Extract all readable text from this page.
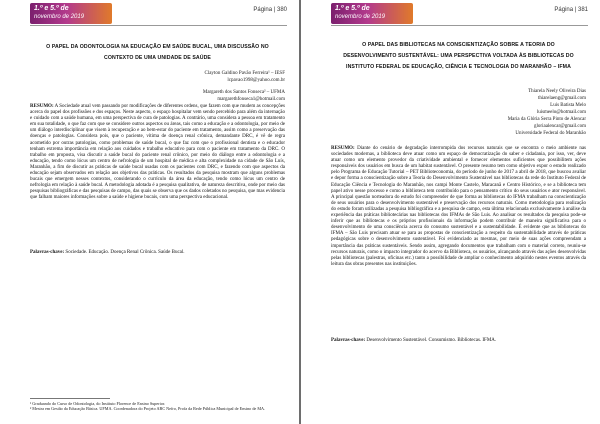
1.º e 5.º de
novembro de 2019
Página | 380
O PAPEL DA ODONTOLOGIA NA EDUCAÇÃO EM SAÚDE BUCAL, UMA DISCUSSÃO NO CONTEXTO DE UMA UNIDADE DE SAÚDE
Clayton Galdino Pavão Ferreira¹ – IESF
lcpavao1998@yahoo.com.br
Margareth dos Santos Fonseca² – UFMA
margarethfonseca1@hotmail.com
RESUMO: A Sociedade atual vem passando por modificações de diferentes ordens, que fazem com que mudem as concepções acerca do papel dos profissões e dos espaços. Neste aspecto, o espaço hospitalar vem sendo percebido para além da internação e cuidado com a saúde humana, em uma perspectiva de cura de patologias. A contrário, uma considera a pessoa em tratamento em sua totalidade, o que faz com que se considere outros aspectos ou áreas, tais como a educação e a odontologia, por meio de um diálogo interdisciplinar que visem à recuperação e ao bem-estar do paciente em tratamento, assim como a preservação das doenças e patologias. Considera pois, que o paciente, vítima de doença renal crônica, demandante DRC, é vê de regra acometido por outras patologias, como problemas de saúde bucal, o que faz com que o profissional dentista e o educador tenham extrema importância em relação aos cuidados e trabalho educativo para com o paciente em tratamento da DRC. O trabalho em proposta, visa discutir a saúde bucal do paciente renal crônico, por meio do diálogo entre a odontologia e a educação, tendo como lócus um centro de nefrologia de um hospital de médica e alta complexidade na cidade de São Luís, Maranhão, a fim de discutir as práticas de saúde bucal usadas com os pacientes com DRC, e fazendo com que aspectos da educação sejam observados em relação aos objetivos das práticas. Os resultados da pesquisa mostram que alguns problemas bucais que emergem nesses contextos, considerando o currículo da área da educação, tendo como lócus um centro de nefrologia em relação à saúde bucal. A metodologia adotada é a pesquisa qualitativa, de natureza descritiva, onde por meio das pesquisas bibliográficas e das pesquisas de campo, das quais se observa que os dados coletados no pesquisa, que mas evidencia que falham maiores informações sobre a saúde e higiene bucais, com uma perspectiva educacional.
Palavras-chave: Sociedade. Educação. Doença Renal Crônica. Saúde Bucal.
¹ Graduando do Curso de Odontologia, do Instituto Florence de Ensino Superior.
² Mestra em Gestão da Educação Básica. UFMA. Coordenadora do Projeto ABC Nefro, Profa da Rede Pública Municipal de Ensino de MA.
1.º e 5.º de
novembro de 2019
Página | 381
O PAPEL DAS BIBLIOTECAS NA CONSCIENTIZAÇÃO SOBRE A TEORIA DO DESENVOLVIMENTO SUSTENTÁVEL: UMA PERSPECTIVA VOLTADA ÀS BIBLIOTECAS DO INSTITUTO FEDERAL DE EDUCAÇÃO, CIÊNCIA E TECNOLOGIA DO MARANHÃO – IFMA
Thiarela Neely Oliveira Dias
thiarelaeng@gmail.com
Luis Batista Melo
luismeelo@hotmail.com
Maria da Glória Serra Pinto de Alencar
gloriaalencar@gmail.com
Universidade Federal do Maranhão
RESUMO: Diante do cenário de degradação interrompida dos recursos naturais que se encontra o meio ambiente nas sociedades modernas, a biblioteca deve atuar como um espaço de democratização do saber e cidadania, por isso, ver, deve atuar como um elemento provedor da criatividade ambiental e fornecer elementos suficientes que possibilitem ações responsáveis dos usuários em busca de um habitat sustentável. O presente resumo tem como objetivo expor o estudo realizado pelo Programa de Educação Tutorial – PET Biblioteconomia, do período de junho de 2017 a abril de 2018, que buscou avaliar e depor forma a conscientização sobre a Teoria do Desenvolvimento Sustentável nas bibliotecas da rede do Instituto Federal de Educação Ciência e Tecnologia do Maranhão, nos campi Monte Castelo, Maracanã e Centro Histórico, e se a biblioteca tem papel ativo nesse processo e como a biblioteca tem contribuído para o pensamento crítico do seus usuários e ator responsável. A principal questão norteadora do estudo foi compreender de que forma as bibliotecas do IFMA trabalham na conscientização de seus usuários para o desenvolvimento sustentável e preservação dos recursos naturais. Como metodologia para realização do estudo foram utilizadas a pesquisa bibliográfica e a pesquisa de campo, esta última relacionada exclusivamente à análise da experiência das práticas bibliotecárias nas bibliotecas dos IFMAs de São Luis. Ao analisar os resultados da pesquisa pode-se inferir que as bibliotecas e os próprios profissionais da informação podem contribuir de maneira significativa para o desenvolvimento de uma consciência acerca do consumo sustentável e a sustentabilidade. É evidente que as bibliotecas do IFMA – São Luis precisam atuar se para as propostas de conscientização a respeito da sustentabilidade através de práticas pedagógicas sobre o desenvolvimento sustentável. Foi evidenciado as mesmas, por meio de suas ações compreendam a importância das práticas sustentáveis. Sendo assim, agregando documentos que trabalham com o material correto, reuniu-se recursos naturais, como o impacto integrador do acervo da Biblioteca, os usuários, alcançando através das ações desenvolvidas pelas bibliotecas (palestras, oficinas etc.) tanto a possibilidade de ampliar o conhecimento adquirido nestes eventos através da leitura das obras presentes nas instituições.
Palavras-chave: Desenvolvimento Sustentável. Consumismo. Bibliotecas. IFMA.
